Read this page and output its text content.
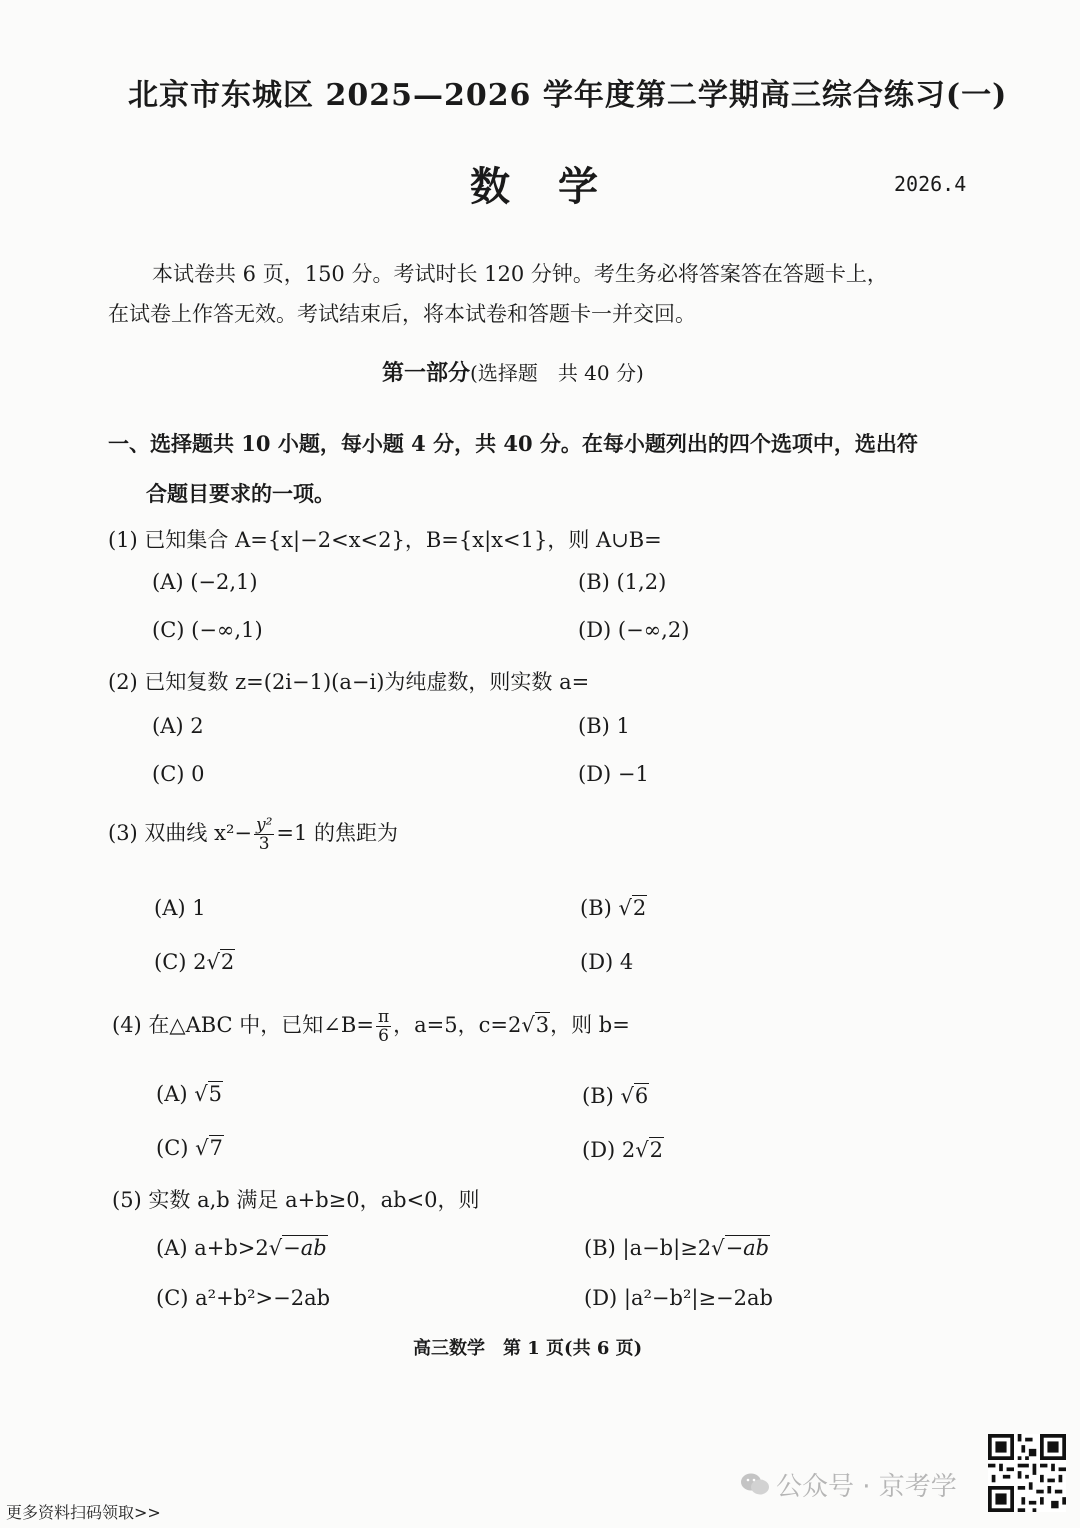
北京市东城区 2025—2026 学年度第二学期高三综合练习(一)
数学	2026.4
本试卷共 6 页，150 分。考试时长 120 分钟。考生务必将答案答在答题卡上，
在试卷上作答无效。考试结束后，将本试卷和答题卡一并交回。
第一部分(选择题　共 40 分)
一、选择题共 10 小题，每小题 4 分，共 40 分。在每小题列出的四个选项中，选出符
合题目要求的一项。
(1) 已知集合 A={x|−2<x<2}，B={x|x<1}，则 A∪B=
(A) (−2,1)	(B) (1,2)
(C) (−∞,1)	(D) (−∞,2)
(2) 已知复数 z=(2i−1)(a−i)为纯虚数，则实数 a=
(A) 2	(B) 1
(C) 0	(D) −1
(3) 双曲线 $x^2- \frac{\text{y²}}{3} =1$ 的焦距为
(A) 1	(B) √2
(C) 2√2	(D) 4
(4) 在△ABC 中，已知∠B= $\frac{\pi}{6}$ ，a=5，c=2√3，则 b=
(A) √5	(B) √6
(C) √7	(D) 2√2
(5) 实数 a,b 满足 a+b≥0，ab<0，则
(A) a+b>2√−ab	(B) |a−b|≥2√−ab
(C) a²+b²>−2ab	(D) |a²−b²|≥−2ab
高三数学　第 1 页(共 6 页)
公众号 · 京考学
更多资料扫码领取>>
